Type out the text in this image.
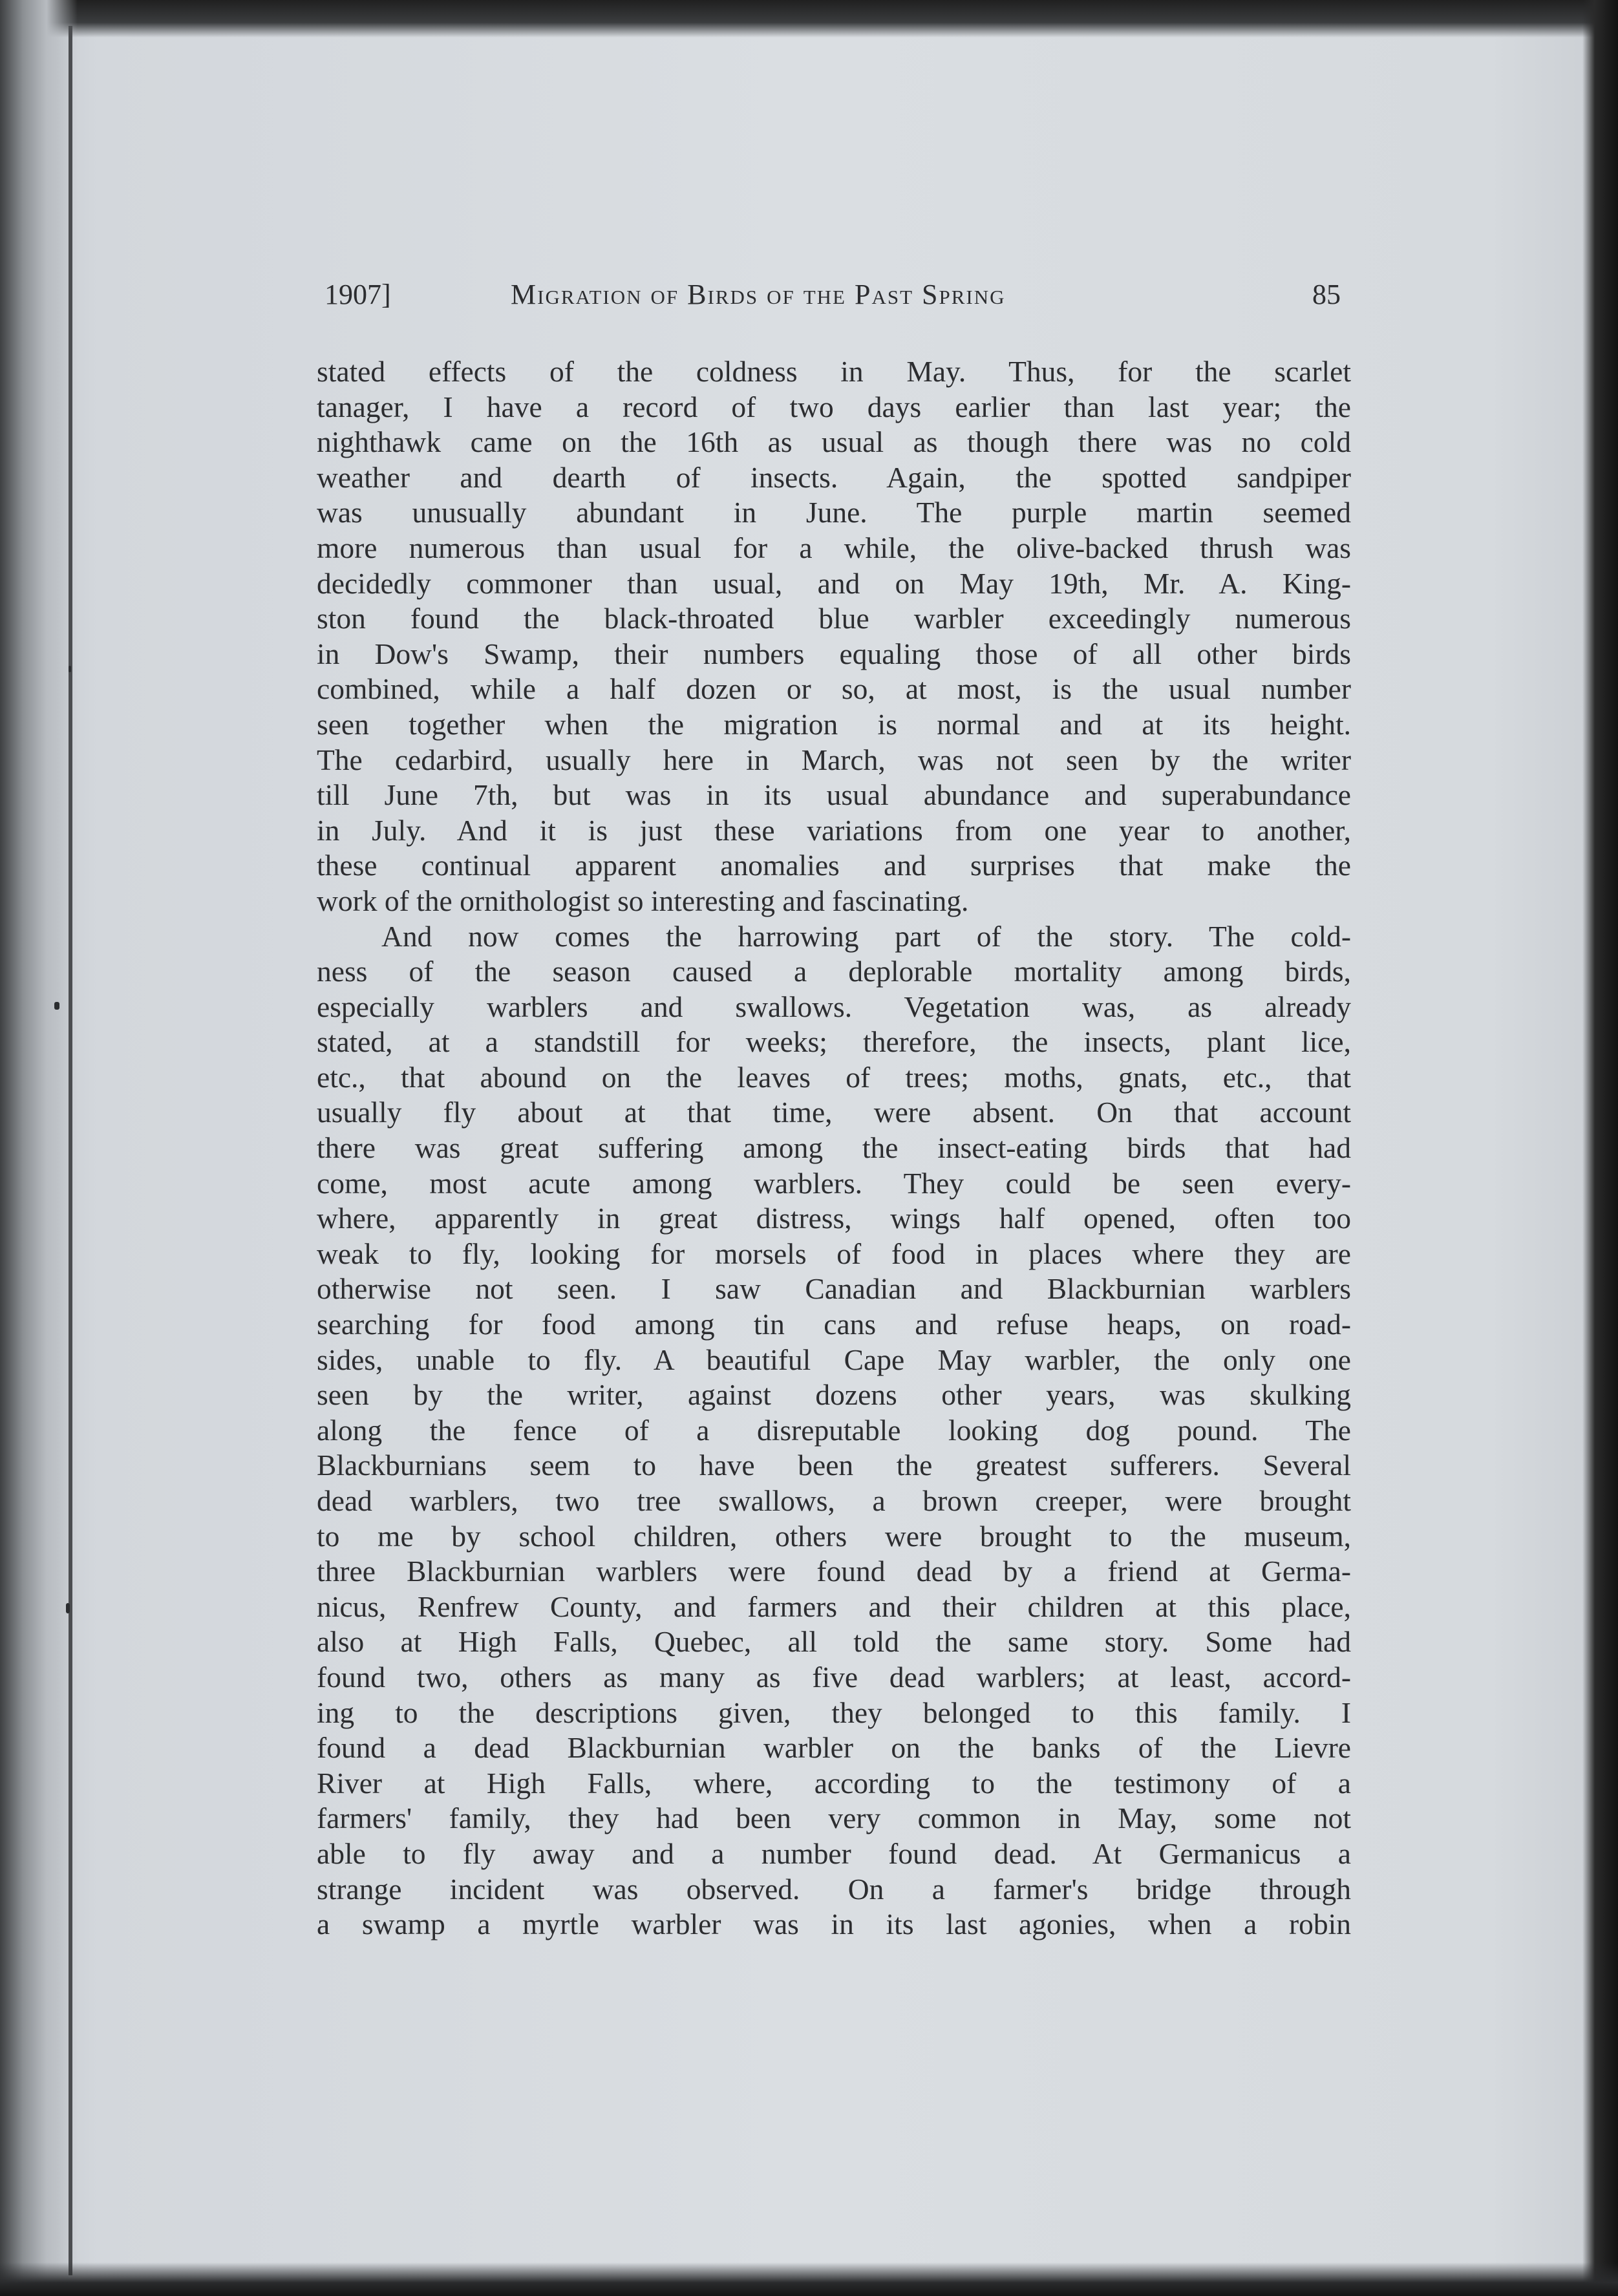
1907]	Migration of Birds of the Past Spring	85
stated effects of the coldness in May. Thus, for the scarlet
tanager, I have a record of two days earlier than last year; the
nighthawk came on the 16th as usual as though there was no cold
weather and dearth of insects. Again, the spotted sandpiper
was unusually abundant in June. The purple martin seemed
more numerous than usual for a while, the olive-backed thrush was
decidedly commoner than usual, and on May 19th, Mr. A. King-
ston found the black-throated blue warbler exceedingly numerous
in Dow's Swamp, their numbers equaling those of all other birds
combined, while a half dozen or so, at most, is the usual number
seen together when the migration is normal and at its height.
The cedarbird, usually here in March, was not seen by the writer
till June 7th, but was in its usual abundance and superabundance
in July. And it is just these variations from one year to another,
these continual apparent anomalies and surprises that make the
work of the ornithologist so interesting and fascinating.
And now comes the harrowing part of the story. The cold-
ness of the season caused a deplorable mortality among birds,
especially warblers and swallows. Vegetation was, as already
stated, at a standstill for weeks; therefore, the insects, plant lice,
etc., that abound on the leaves of trees; moths, gnats, etc., that
usually fly about at that time, were absent. On that account
there was great suffering among the insect-eating birds that had
come, most acute among warblers. They could be seen every-
where, apparently in great distress, wings half opened, often too
weak to fly, looking for morsels of food in places where they are
otherwise not seen. I saw Canadian and Blackburnian warblers
searching for food among tin cans and refuse heaps, on road-
sides, unable to fly. A beautiful Cape May warbler, the only one
seen by the writer, against dozens other years, was skulking
along the fence of a disreputable looking dog pound. The
Blackburnians seem to have been the greatest sufferers. Several
dead warblers, two tree swallows, a brown creeper, were brought
to me by school children, others were brought to the museum,
three Blackburnian warblers were found dead by a friend at Germa-
nicus, Renfrew County, and farmers and their children at this place,
also at High Falls, Quebec, all told the same story. Some had
found two, others as many as five dead warblers; at least, accord-
ing to the descriptions given, they belonged to this family. I
found a dead Blackburnian warbler on the banks of the Lievre
River at High Falls, where, according to the testimony of a
farmers' family, they had been very common in May, some not
able to fly away and a number found dead. At Germanicus a
strange incident was observed. On a farmer's bridge through
a swamp a myrtle warbler was in its last agonies, when a robin
